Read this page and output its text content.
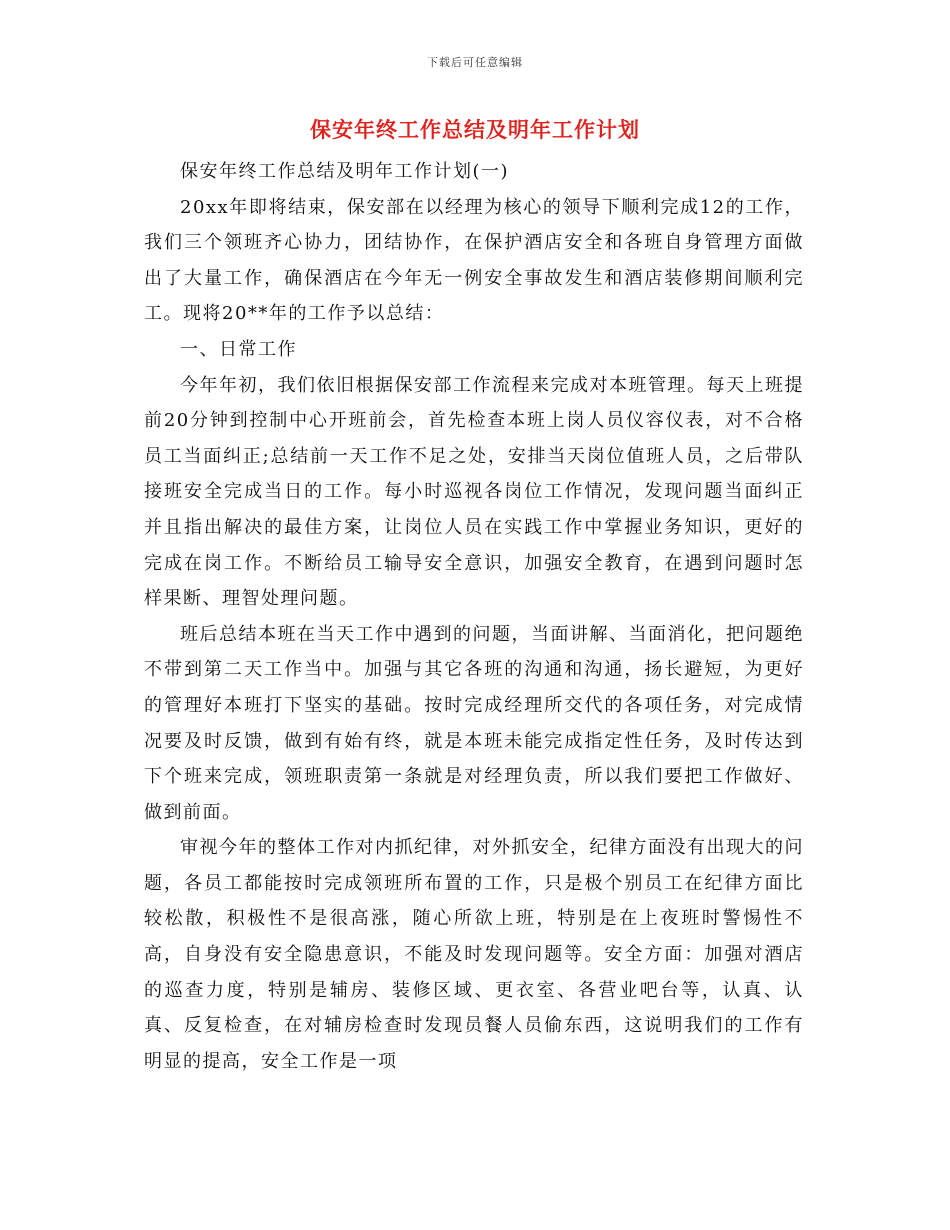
下载后可任意编辑
保安年终工作总结及明年工作计划

保安年终工作总结及明年工作计划(一)

20xx年即将结束，保安部在以经理为核心的领导下顺利完成12的工作，我们三个领班齐心协力，团结协作，在保护酒店安全和各班自身管理方面做出了大量工作，确保酒店在今年无一例安全事故发生和酒店装修期间顺利完工。现将20**年的工作予以总结：

一、日常工作

今年年初，我们依旧根据保安部工作流程来完成对本班管理。每天上班提前20分钟到控制中心开班前会，首先检查本班上岗人员仪容仪表，对不合格员工当面纠正;总结前一天工作不足之处，安排当天岗位值班人员，之后带队接班安全完成当日的工作。每小时巡视各岗位工作情况，发现问题当面纠正并且指出解决的最佳方案，让岗位人员在实践工作中掌握业务知识，更好的完成在岗工作。不断给员工输导安全意识，加强安全教育，在遇到问题时怎样果断、理智处理问题。

班后总结本班在当天工作中遇到的问题，当面讲解、当面消化，把问题绝不带到第二天工作当中。加强与其它各班的沟通和沟通，扬长避短，为更好的管理好本班打下坚实的基础。按时完成经理所交代的各项任务，对完成情况要及时反馈，做到有始有终，就是本班未能完成指定性任务，及时传达到下个班来完成，领班职责第一条就是对经理负责，所以我们要把工作做好、做到前面。

审视今年的整体工作对内抓纪律，对外抓安全，纪律方面没有出现大的问题，各员工都能按时完成领班所布置的工作，只是极个别员工在纪律方面比较松散，积极性不是很高涨，随心所欲上班，特别是在上夜班时警惕性不高，自身没有安全隐患意识，不能及时发现问题等。安全方面：加强对酒店的巡查力度，特别是辅房、装修区域、更衣室、各营业吧台等，认真、认真、反复检查，在对辅房检查时发现员餐人员偷东西，这说明我们的工作有明显的提高，安全工作是一项
